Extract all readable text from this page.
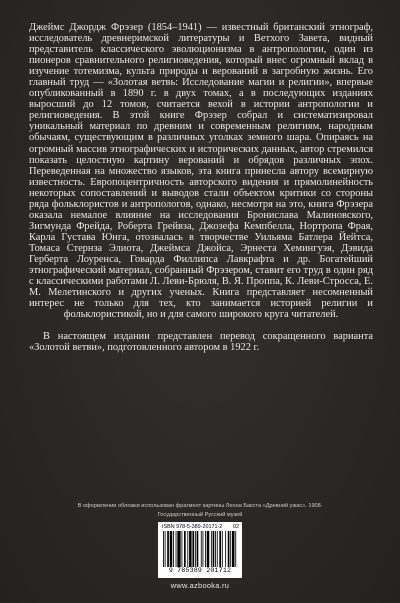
Джеймс Джордж Фрэзер (1854–1941) — известный британский этнограф, исследователь древнеримской литературы и Ветхого Завета, видный представитель классического эволюционизма в антропологии, один из пионеров сравнительного религиоведения, который внес огромный вклад в изучение тотемизма, культа природы и верований в загробную жизнь. Его главный труд — «Золотая ветвь: Исследование магии и религии», впервые опубликованный в 1890 г. в двух томах, а в последующих изданиях выросший до 12 томов, считается вехой в истории антропологии и религиоведения. В этой книге Фрэзер собрал и систематизировал уникальный материал по древним и современным религиям, народным обычаям, существующим в различных уголках земного шара. Опираясь на огромный массив этнографических и исторических данных, автор стремился показать целостную картину верований и обрядов различных эпох. Переведенная на множество языков, эта книга принесла автору всемирную известность. Европоцентричность авторского видения и прямолинейность некоторых сопоставлений и выводов стали объектом критики со стороны ряда фольклористов и антропологов, однако, несмотря на это, книга Фрэзера оказала немалое влияние на исследования Бронислава Малиновского, Зигмунда Фрейда, Роберта Грейвза, Джозефа Кемпбелла, Нортропа Фрая, Карла Густава Юнга, отозвалась в творчестве Уильяма Батлера Йейтса, Томаса Стернза Элиота, Джеймса Джойса, Эрнеста Хемингуэя, Дэвида Герберта Лоуренса, Говарда Филлипса Лавкрафта и др. Богатейший этнографический материал, собранный Фрэзером, ставит его труд в один ряд с классическими работами Л. Леви-Брюля, В. Я. Проппа, К. Леви-Стросса, Е. М. Мелетинского и других ученых. Книга представляет несомненный интерес не только для тех, кто занимается историей религии и фольклористикой, но и для самого широкого круга читателей.

В настоящем издании представлен перевод сокращенного варианта «Золотой ветви», подготовленного автором в 1922 г.

В оформлении обложки использован фрагмент картины Леона Бакста «Древний ужас». 1908.
Государственный Русский музей
ISBN 978-5-389-20171-2 02
9 785389 201712
www.azbooka.ru
